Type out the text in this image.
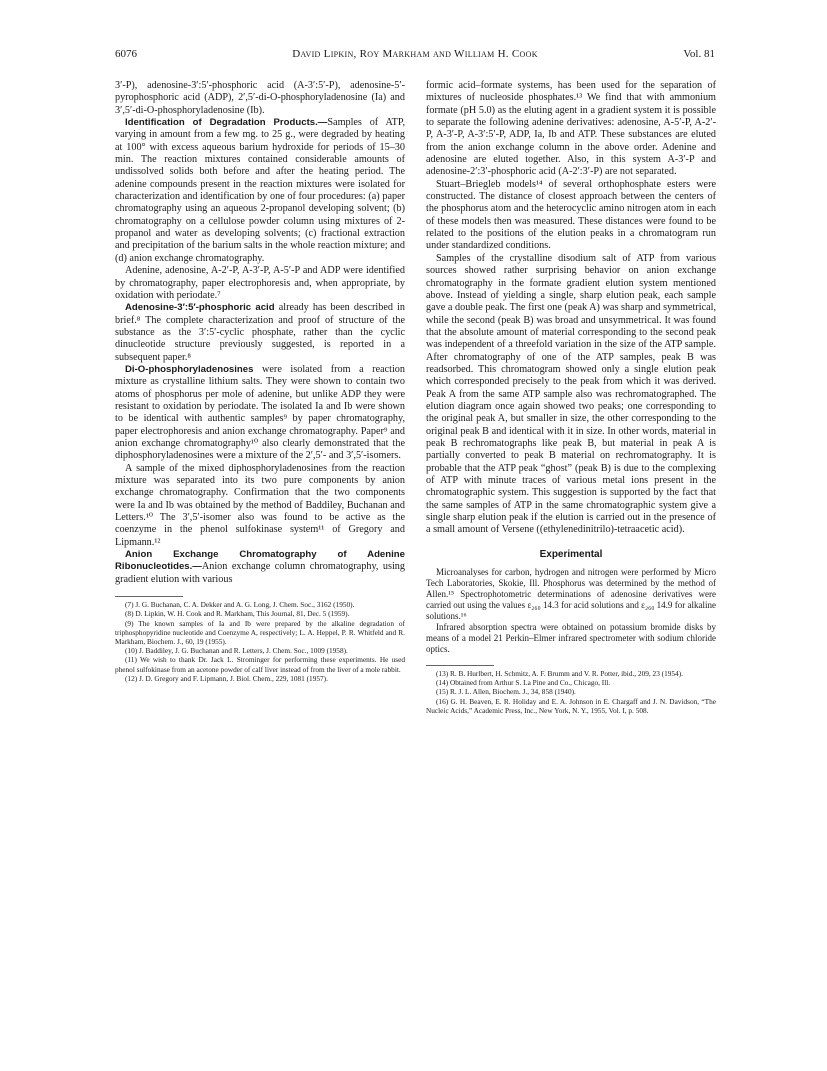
6076	David Lipkin, Roy Markham and William H. Cook	Vol. 81

3′-P), adenosine-3′:5′-phosphoric acid (A-3′:5′-P), adenosine-5′-pyrophosphoric acid (ADP), 2′,5′-di-O-phosphoryladenosine (Ia) and 3′,5′-di-O-phosphoryladenosine (Ib).

Identification of Degradation Products.—Samples of ATP, varying in amount from a few mg. to 25 g., were degraded by heating at 100° with excess aqueous barium hydroxide for periods of 15–30 min. The reaction mixtures contained considerable amounts of undissolved solids both before and after the heating period. The adenine compounds present in the reaction mixtures were isolated for characterization and identification by one of four procedures: (a) paper chromatography using an aqueous 2-propanol developing solvent; (b) chromatography on a cellulose powder column using mixtures of 2-propanol and water as developing solvents; (c) fractional extraction and precipitation of the barium salts in the whole reaction mixture; and (d) anion exchange chromatography.

Adenine, adenosine, A-2′-P, A-3′-P, A-5′-P and ADP were identified by chromatography, paper electrophoresis and, when appropriate, by oxidation with periodate.⁷

Adenosine-3′:5′-phosphoric acid already has been described in brief.⁸ The complete characterization and proof of structure of the substance as the 3′:5′-cyclic phosphate, rather than the cyclic dinucleotide structure previously suggested, is reported in a subsequent paper.⁸

Di-O-phosphoryladenosines were isolated from a reaction mixture as crystalline lithium salts. They were shown to contain two atoms of phosphorus per mole of adenine, but unlike ADP they were resistant to oxidation by periodate. The isolated Ia and Ib were shown to be identical with authentic samples⁹ by paper chromatography, paper electrophoresis and anion exchange chromatography. Paper⁹ and anion exchange chromatography¹⁰ also clearly demonstrated that the diphosphoryladenosines were a mixture of the 2′,5′- and 3′,5′-isomers.

A sample of the mixed diphosphoryladenosines from the reaction mixture was separated into its two pure components by anion exchange chromatography. Confirmation that the two components were Ia and Ib was obtained by the method of Baddiley, Buchanan and Letters.¹⁰ The 3′,5′-isomer also was found to be active as the coenzyme in the phenol sulfokinase system¹¹ of Gregory and Lipmann.¹²

Anion Exchange Chromatography of Adenine Ribonucleotides.—Anion exchange column chromatography, using gradient elution with various

(7) J. G. Buchanan, C. A. Dekker and A. G. Long, J. Chem. Soc., 3162 (1950).

(8) D. Lipkin, W. H. Cook and R. Markham, This Journal, 81, Dec. 5 (1959).

(9) The known samples of Ia and Ib were prepared by the alkaline degradation of triphosphopyridine nucleotide and Coenzyme A, respectively; L. A. Heppel, P. R. Whitfeld and R. Markham, Biochem. J., 60, 19 (1955).

(10) J. Baddiley, J. G. Buchanan and R. Letters, J. Chem. Soc., 1009 (1958).

(11) We wish to thank Dr. Jack L. Strominger for performing these experiments. He used phenol sulfokinase from an acetone powder of calf liver instead of from the liver of a mole rabbit.

(12) J. D. Gregory and F. Lipmann, J. Biol. Chem., 229, 1081 (1957).

formic acid–formate systems, has been used for the separation of mixtures of nucleoside phosphates.¹³ We find that with ammonium formate (pH 5.0) as the eluting agent in a gradient system it is possible to separate the following adenine derivatives: adenosine, A-5′-P, A-2′-P, A-3′-P, A-3′:5′-P, ADP, Ia, Ib and ATP. These substances are eluted from the anion exchange column in the above order. Adenine and adenosine are eluted together. Also, in this system A-3′-P and adenosine-2′:3′-phosphoric acid (A-2′:3′-P) are not separated.

Stuart–Briegleb models¹⁴ of several orthophosphate esters were constructed. The distance of closest approach between the centers of the phosphorus atom and the heterocyclic amino nitrogen atom in each of these models then was measured. These distances were found to be related to the positions of the elution peaks in a chromatogram run under standardized conditions.

Samples of the crystalline disodium salt of ATP from various sources showed rather surprising behavior on anion exchange chromatography in the formate gradient elution system mentioned above. Instead of yielding a single, sharp elution peak, each sample gave a double peak. The first one (peak A) was sharp and symmetrical, while the second (peak B) was broad and unsymmetrical. It was found that the absolute amount of material corresponding to the second peak was independent of a threefold variation in the size of the ATP sample. After chromatography of one of the ATP samples, peak B was readsorbed. This chromatogram showed only a single elution peak which corresponded precisely to the peak from which it was derived. Peak A from the same ATP sample also was rechromatographed. The elution diagram once again showed two peaks; one corresponding to the original peak A, but smaller in size, the other corresponding to the original peak B and identical with it in size. In other words, material in peak B rechromatographs like peak B, but material in peak A is partially converted to peak B material on rechromatography. It is probable that the ATP peak “ghost” (peak B) is due to the complexing of ATP with minute traces of various metal ions present in the chromatographic system. This suggestion is supported by the fact that the same samples of ATP in the same chromatographic system give a single sharp elution peak if the elution is carried out in the presence of a small amount of Versene ((ethylenedinitrilo)-tetraacetic acid).

Experimental

Microanalyses for carbon, hydrogen and nitrogen were performed by Micro Tech Laboratories, Skokie, Ill. Phosphorus was determined by the method of Allen.¹⁵ Spectrophotometric determinations of adenosine derivatives were carried out using the values ε₂₆₀ 14.3 for acid solutions and ε₂₆₀ 14.9 for alkaline solutions.¹⁶

Infrared absorption spectra were obtained on potassium bromide disks by means of a model 21 Perkin–Elmer infrared spectrometer with sodium chloride optics.

(13) R. B. Hurlbert, H. Schmitz, A. F. Brumm and V. R. Potter, ibid., 209, 23 (1954).

(14) Obtained from Arthur S. La Pine and Co., Chicago, Ill.

(15) R. J. L. Allen, Biochem. J., 34, 858 (1940).

(16) G. H. Beaven, E. R. Holiday and E. A. Johnson in E. Chargaff and J. N. Davidson, “The Nucleic Acids,” Academic Press, Inc., New York, N. Y., 1955, Vol. I, p. 508.
